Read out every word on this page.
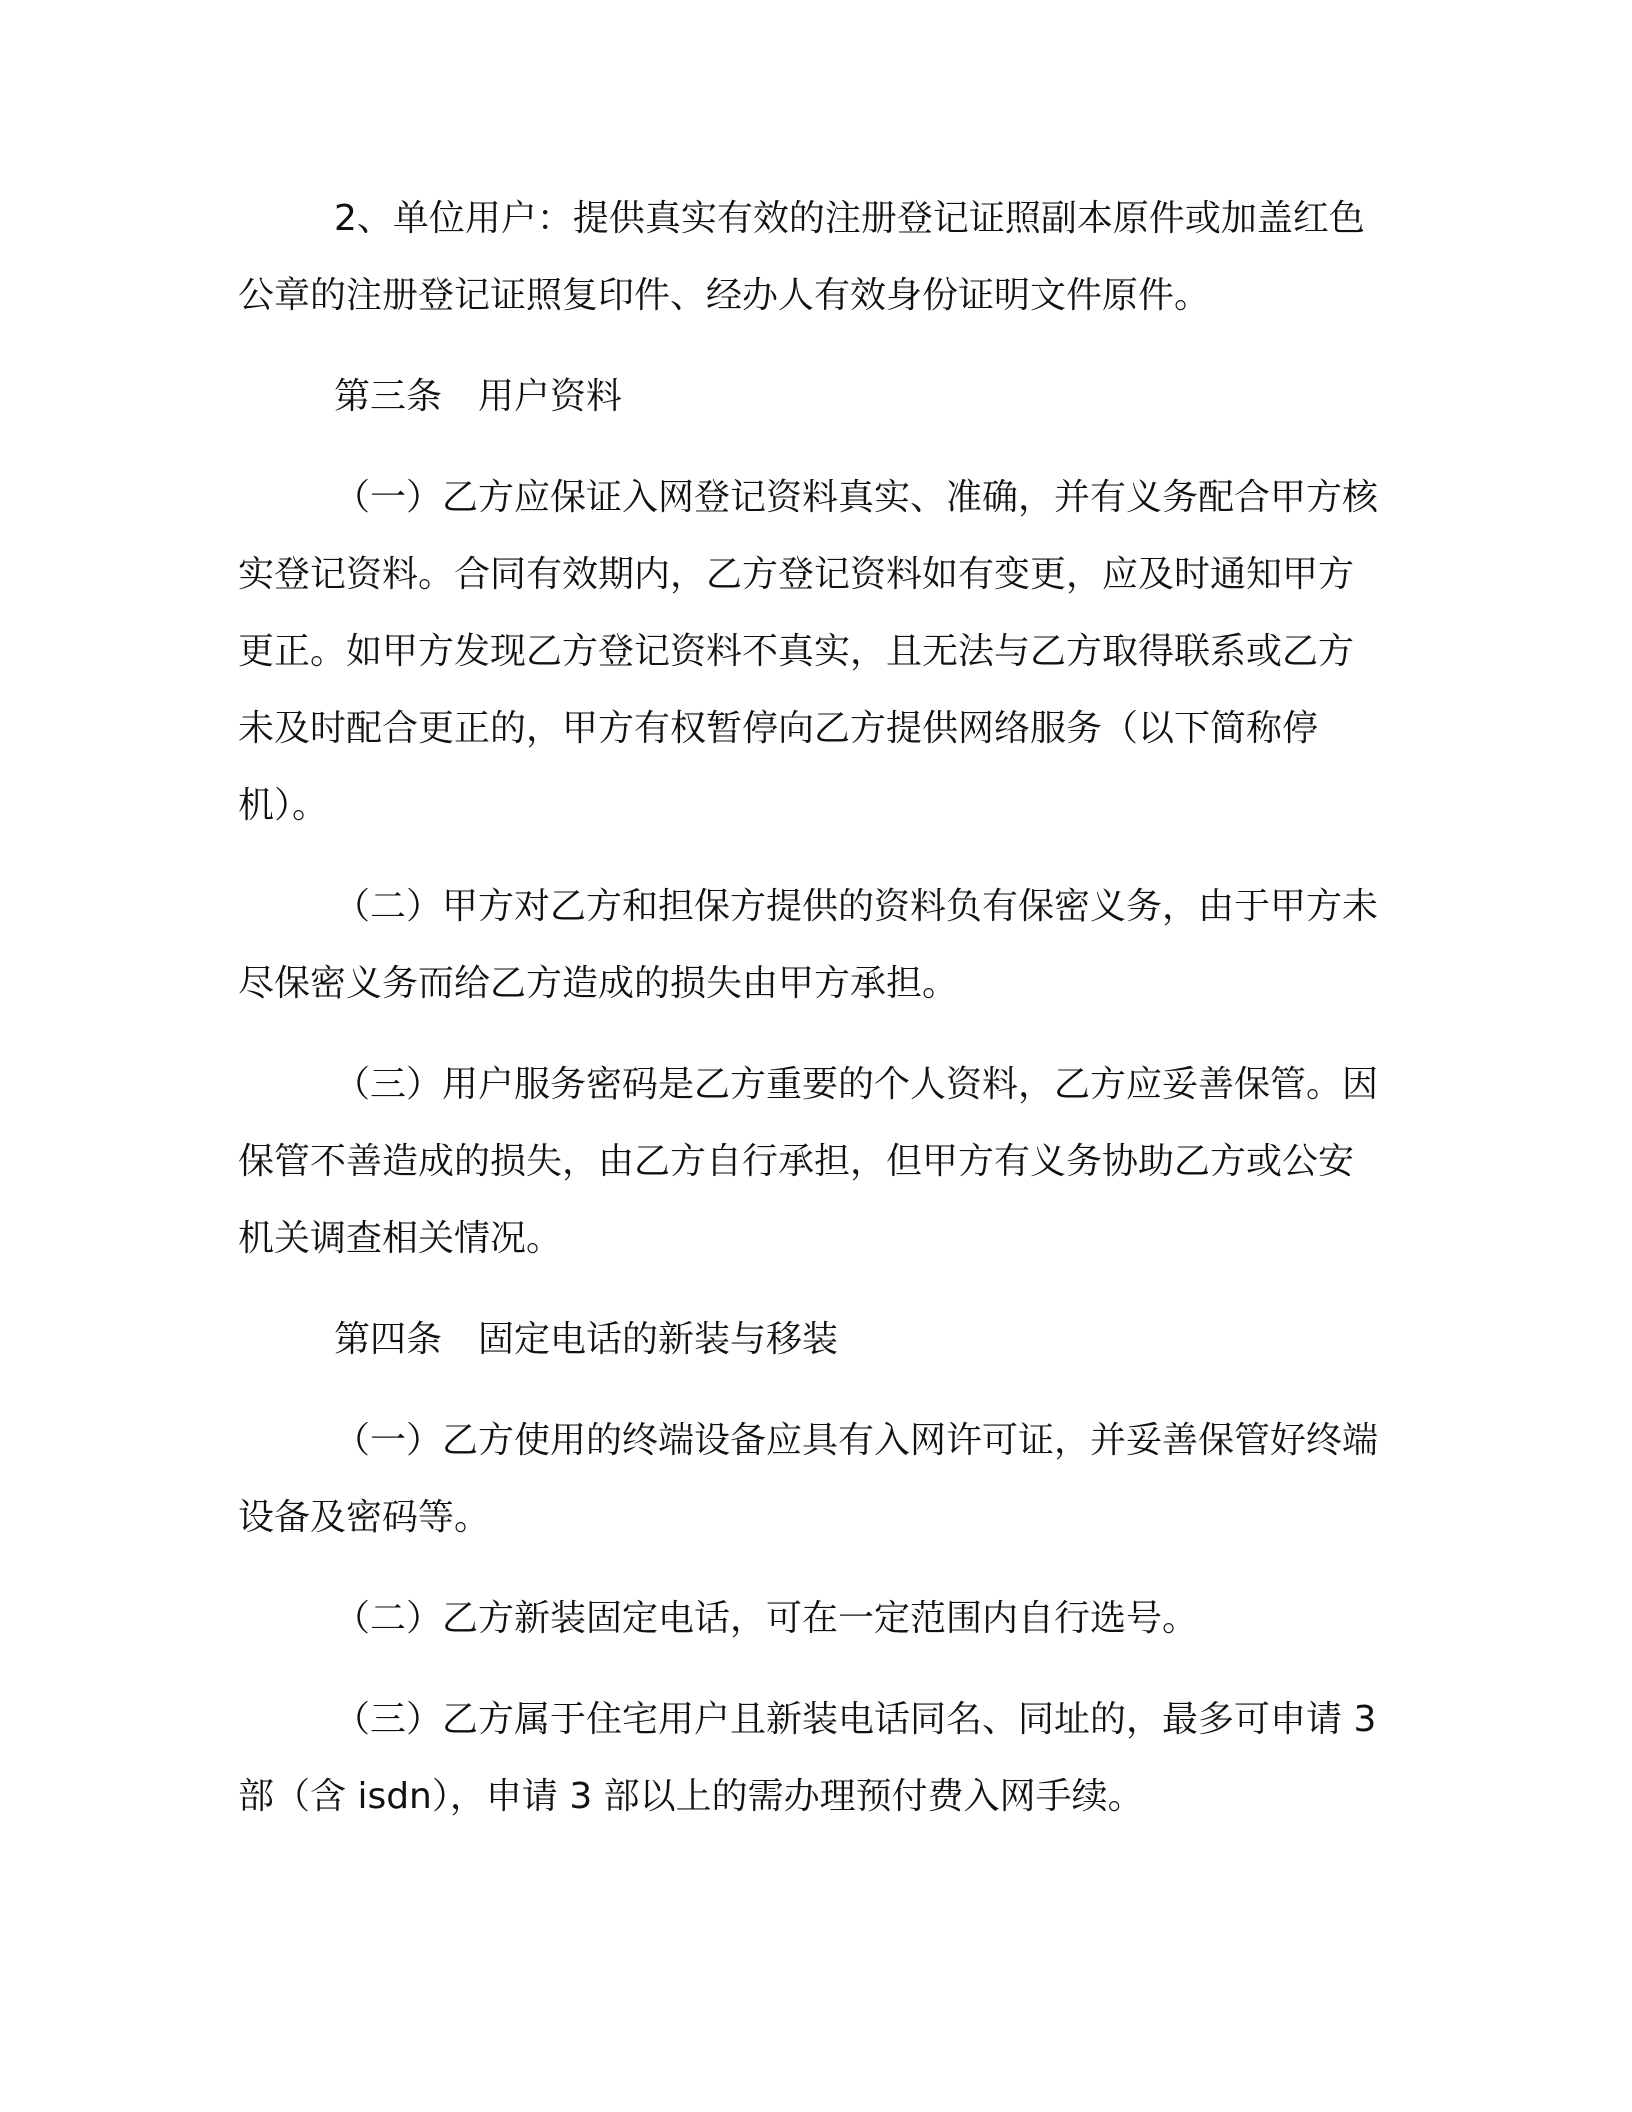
2、单位用户：提供真实有效的注册登记证照副本原件或加盖红色公章的注册登记证照复印件、经办人有效身份证明文件原件。

第三条 用户资料

（一）乙方应保证入网登记资料真实、准确，并有义务配合甲方核实登记资料。合同有效期内，乙方登记资料如有变更，应及时通知甲方更正。如甲方发现乙方登记资料不真实，且无法与乙方取得联系或乙方未及时配合更正的，甲方有权暂停向乙方提供网络服务（以下简称停机）。

（二）甲方对乙方和担保方提供的资料负有保密义务，由于甲方未尽保密义务而给乙方造成的损失由甲方承担。

（三）用户服务密码是乙方重要的个人资料，乙方应妥善保管。因保管不善造成的损失，由乙方自行承担，但甲方有义务协助乙方或公安机关调查相关情况。

第四条 固定电话的新装与移装

（一）乙方使用的终端设备应具有入网许可证，并妥善保管好终端设备及密码等。

（二）乙方新装固定电话，可在一定范围内自行选号。

（三）乙方属于住宅用户且新装电话同名、同址的，最多可申请 3 部（含 isdn），申请 3 部以上的需办理预付费入网手续。
